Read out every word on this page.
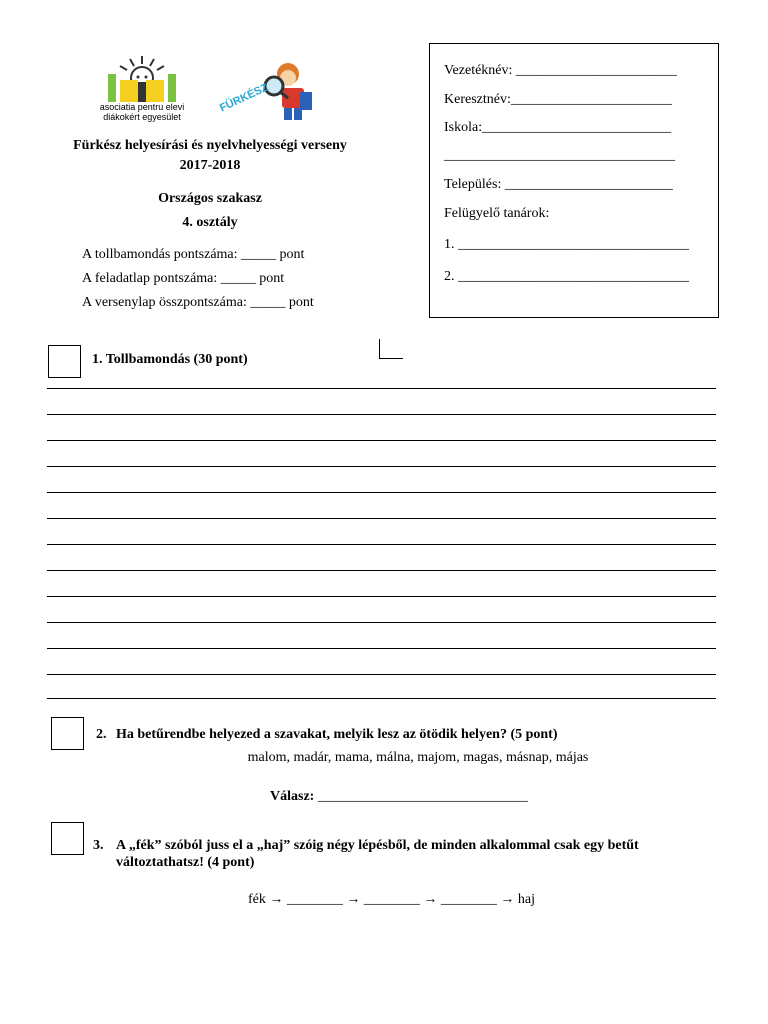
asociatia pentru elevi diákokért egyesület
FÜRKÉSZ
Fürkész helyesírási és nyelvhelyességi verseny
2017-2018
Országos szakasz
4. osztály
A tollbamondás pontszáma: _____ pont
A feladatlap pontszáma: _____ pont
A versenylap összpontszáma: _____ pont
Vezetéknév: _______________________
Keresztnév:_______________________
Iskola:___________________________
_________________________________
Település: ________________________
Felügyelő tanárok:
1. _________________________________
2. _________________________________
1. Tollbamondás (30 pont)
2. Ha betűrendbe helyezed a szavakat, melyik lesz az ötödik helyen? (5 pont)
malom, madár, mama, málna, majom, magas, másnap, májas
Válasz: ______________________________
3. A „fék” szóból juss el a „haj” szóig négy lépésből, de minden alkalommal csak egy betűt
változtathatsz! (4 pont)
fék → ________ → ________ → ________ → haj
